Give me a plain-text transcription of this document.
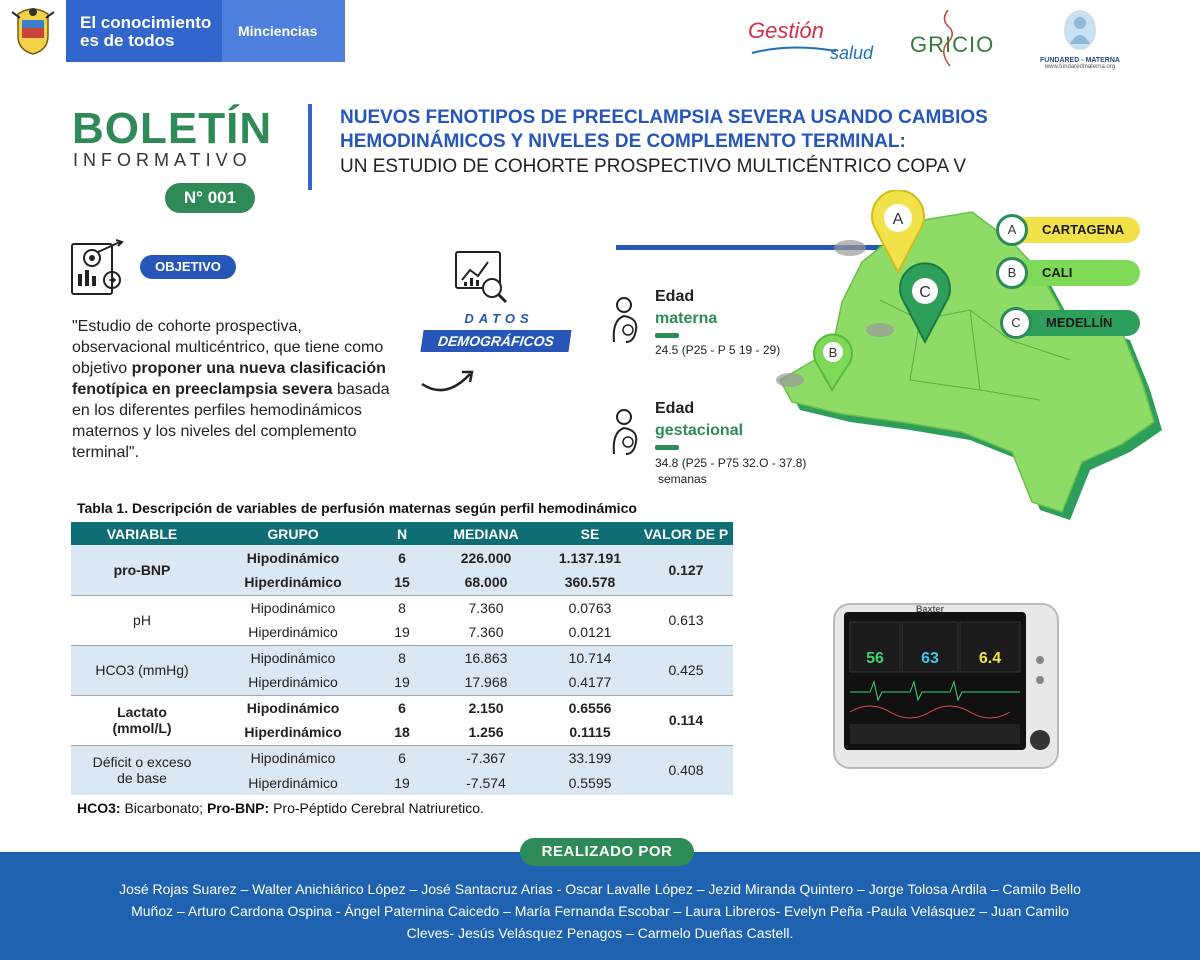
El conocimiento
es de todos	Minciencias	Gestión
salud GRICIO
FUNDARED - MATERNA
www.fundaredmaterna.org
BOLETÍN
INFORMATIVO
N° 001
NUEVOS FENOTIPOS DE PREECLAMPSIA SEVERA USANDO CAMBIOS
HEMODINÁMICOS Y NIVELES DE COMPLEMENTO TERMINAL:
UN ESTUDIO DE COHORTE PROSPECTIVO MULTICÉNTRICO COPA V
OBJETIVO
"Estudio de cohorte prospectiva, observacional multicéntrico, que tiene como objetivo proponer una nueva clasificación fenotípica en preeclampsia severa basada en los diferentes perfiles hemodinámicos maternos y los niveles del complemento terminal".
DATOS
DEMOGRÁFICOS
Edad
materna
24.5 (P25 - P 5 19 - 29)
Edad
gestacional
34.8 (P25 - P75 32.O - 37.8)
semanas
A
C
B
CARTAGENA
A
CALI
B
MEDELLÍN
C
Tabla 1. Descripción de variables de perfusión maternas según perfil hemodinámico
VARIABLE	GRUPO	N	MEDIANA	SE	VALOR DE P
pro-BNP	Hipodinámico	6	226.000	1.137.191	0.127
	Hiperdinámico	15	68.000	360.578	
pH	Hipodinámico	8	7.360	0.0763	0.613
	Hiperdinámico	19	7.360	0.0121	
HCO3 (mmHg)	Hipodinámico	8	16.863	10.714	0.425
	Hiperdinámico	19	17.968	0.4177	

Lactato
(mmol/L)	Hipodinámico	6	2.150	0.6556	0.114
	Hiperdinámico	18	1.256	0.1115	

Déficit o exceso
de base	Hipodinámico	6	-7.367	33.199	0.408
	Hiperdinámico	19	-7.574	0.5595	
HCO3: Bicarbonato; Pro-BNP: Pro-Péptido Cerebral Natriuretico.
Baxter
56 63 6.4
REALIZADO POR
José Rojas Suarez – Walter Anichiárico López – José Santacruz Arias - Oscar Lavalle López – Jezid Miranda Quintero – Jorge Tolosa Ardila – Camilo Bello
Muñoz – Arturo Cardona Ospina - Ángel Paternina Caicedo – María Fernanda Escobar – Laura Libreros- Evelyn Peña -Paula Velásquez – Juan Camilo
Cleves- Jesús Velásquez Penagos – Carmelo Dueñas Castell.
